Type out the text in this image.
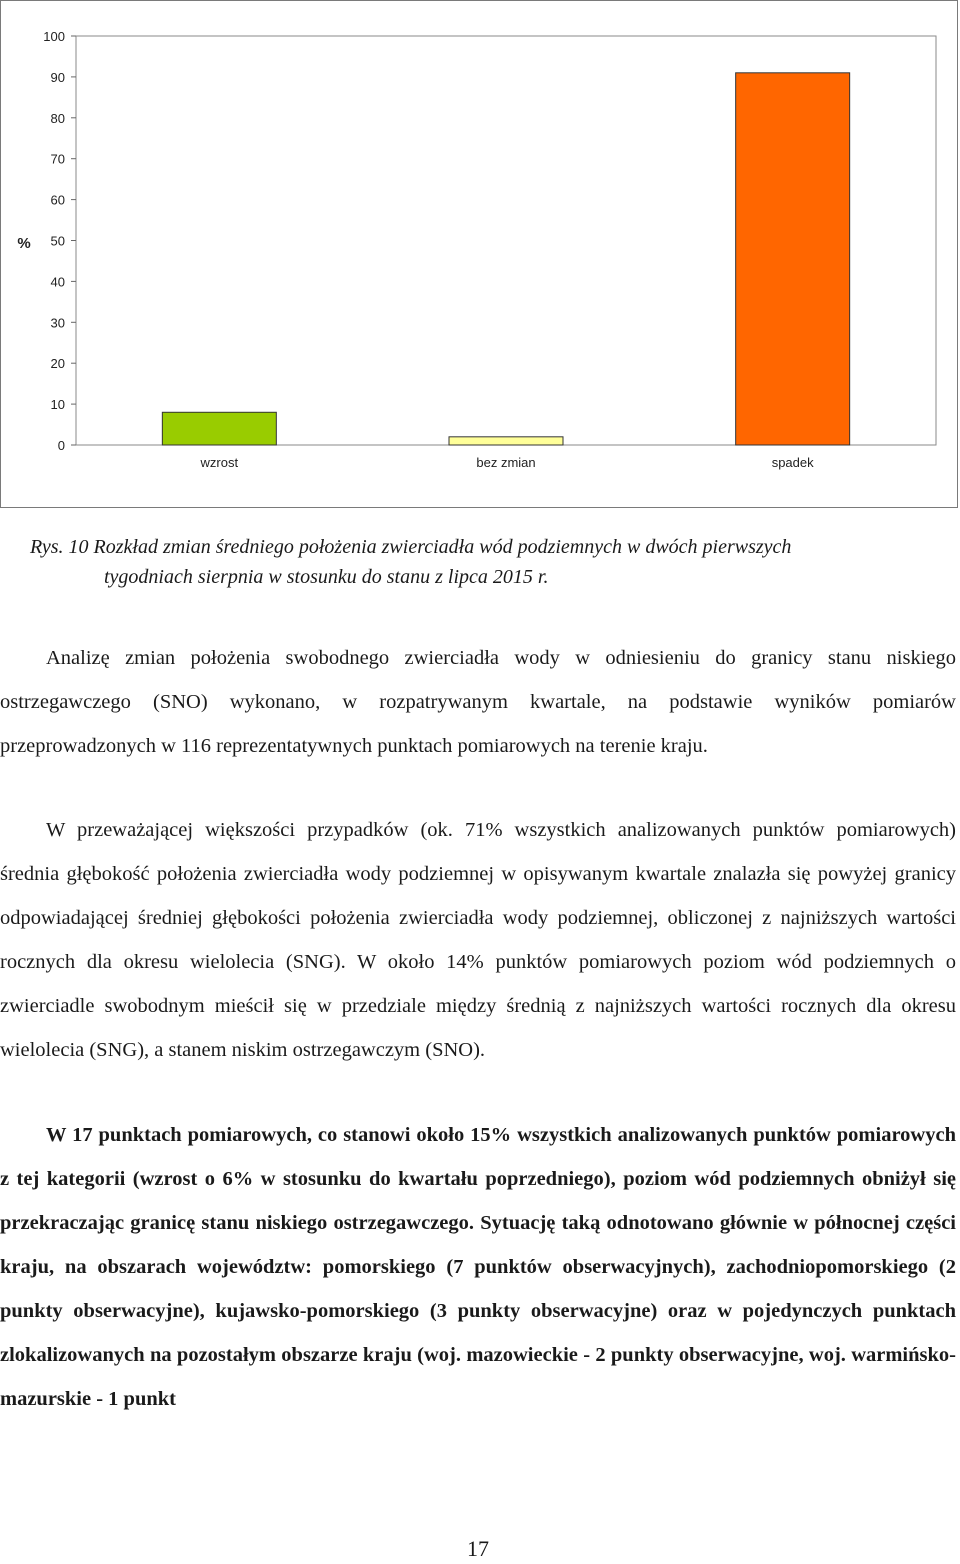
0
10
20
30
40
50
60
70
80
90
100
%
wzrost	bez zmian	spadek
Rys. 10 Rozkład zmian średniego położenia zwierciadła wód podziemnych w dwóch pierwszych
tygodniach sierpnia w stosunku do stanu z lipca 2015 r.
Analizę zmian położenia swobodnego zwierciadła wody w odniesieniu do granicy stanu niskiego ostrzegawczego (SNO) wykonano, w rozpatrywanym kwartale, na podstawie wyników pomiarów przeprowadzonych w 116 reprezentatywnych punktach pomiarowych na terenie kraju.
W przeważającej większości przypadków (ok. 71% wszystkich analizowanych punktów pomiarowych) średnia głębokość położenia zwierciadła wody podziemnej w opisywanym kwartale znalazła się powyżej granicy odpowiadającej średniej głębokości położenia zwierciadła wody podziemnej, obliczonej z najniższych wartości rocznych dla okresu wielolecia (SNG). W około 14% punktów pomiarowych poziom wód podziemnych o zwierciadle swobodnym mieścił się w przedziale między średnią z najniższych wartości rocznych dla okresu wielolecia (SNG), a stanem niskim ostrzegawczym (SNO).
W 17 punktach pomiarowych, co stanowi około 15% wszystkich analizowanych punktów pomiarowych z tej kategorii (wzrost o 6% w stosunku do kwartału poprzedniego), poziom wód podziemnych obniżył się przekraczając granicę stanu niskiego ostrzegawczego. Sytuację taką odnotowano głównie w północnej części kraju, na obszarach województw: pomorskiego (7 punktów obserwacyjnych), zachodniopomorskiego (2 punkty obserwacyjne), kujawsko-pomorskiego (3 punkty obserwacyjne) oraz w pojedynczych punktach zlokalizowanych na pozostałym obszarze kraju (woj. mazowieckie - 2 punkty obserwacyjne, woj. warmińsko-mazurskie - 1 punkt
17
